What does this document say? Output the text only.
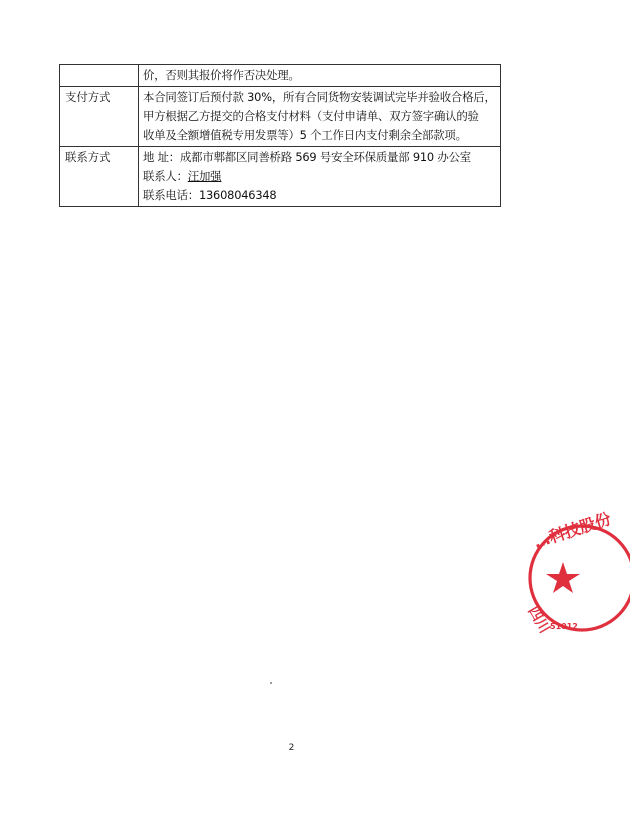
	价，否则其报价将作否决处理。

支付方式	本合同签订后预付款 30%，所有合同货物安装调试完毕并验收合格后，
甲方根据乙方提交的合格支付材料（支付申请单、双方签字确认的验
收单及全额增值税专用发票等）5 个工作日内支付剩余全部款项。

联系方式	地 址：成都市郫都区同善桥路 569 号安全环保质量部 910 办公室
联系人：汪加强
联系电话：13608046348
…科技股份
四川
51012
2
